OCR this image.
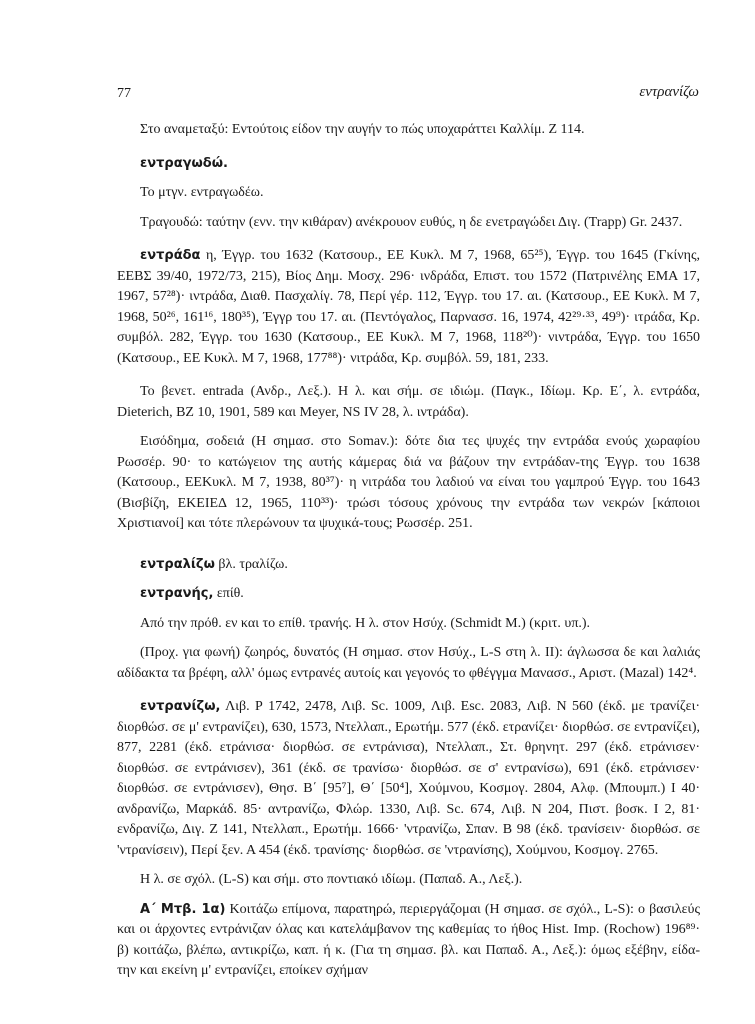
77	εντρανίζω

Στο αναμεταξύ: Εντούτοις είδον την αυγήν το πώς υποχαράττει Καλλίμ. Ζ 114.

εντραγωδώ.

Το μτγν. εντραγωδέω.

Τραγουδώ: ταύτην (ενν. την κιθάραν) ανέκρουον ευθύς, η δε ενετραγώδει Διγ. (Trapp) Gr. 2437.

εντράδα η, Έγγρ. του 1632 (Κατσουρ., ΕΕ Κυκλ. Μ 7, 1968, 65²⁵), Έγγρ. του 1645 (Γκίνης, ΕΕΒΣ 39/40, 1972/73, 215), Βίος Δημ. Μοσχ. 296· ινδράδα, Επιστ. του 1572 (Πατρινέλης ΕΜΑ 17, 1967, 57²⁸)· ιντράδα, Διαθ. Πασχαλίγ. 78, Περί γέρ. 112, Έγγρ. του 17. αι. (Κατσουρ., ΕΕ Κυκλ. Μ 7, 1968, 50²⁶, 161¹⁶, 180³⁵), Έγγρ του 17. αι. (Πεντόγαλος, Παρνασσ. 16, 1974, 42²⁹·³³, 49⁹)· ιτράδα, Κρ. συμβόλ. 282, Έγγρ. του 1630 (Κατσουρ., ΕΕ Κυκλ. Μ 7, 1968, 118²⁰)· νιντράδα, Έγγρ. του 1650 (Κατσουρ., ΕΕ Κυκλ. Μ 7, 1968, 177⁸⁸)· νιτράδα, Κρ. συμβόλ. 59, 181, 233.

Το βενετ. entrada (Ανδρ., Λεξ.). Η λ. και σήμ. σε ιδιώμ. (Παγκ., Ιδίωμ. Κρ. Ε΄, λ. εντράδα, Dieterich, BZ 10, 1901, 589 και Meyer, NS IV 28, λ. ιντράδα).

Εισόδημα, σοδειά (Η σημασ. στο Somav.): δότε δια τες ψυχές την εντράδα ενούς χωραφίου Ρωσσέρ. 90· το κατώγειον της αυτής κάμερας διά να βάζουν την εντράδαν-της Έγγρ. του 1638 (Κατσουρ., ΕΕΚυκλ. Μ 7, 1938, 80³⁷)· η νιτράδα του λαδιού να είναι του γαμπρού Έγγρ. του 1643 (Βισβίζη, ΕΚΕΙΕΔ 12, 1965, 110³³)· τρώσι τόσους χρόνους την εντράδα των νεκρών [κάποιοι Χριστιανοί] και τότε πλερώνουν τα ψυχικά-τους; Ρωσσέρ. 251.

εντραλίζω βλ. τραλίζω.

εντρανής, επίθ.

Από την πρόθ. εν και το επίθ. τρανής. Η λ. στον Ησύχ. (Schmidt M.) (κριτ. υπ.).

(Προχ. για φωνή) ζωηρός, δυνατός (Η σημασ. στον Ησύχ., L-S στη λ. II): άγλωσσα δε και λαλιάς αδίδακτα τα βρέφη, αλλ' όμως εντρανές αυτοίς και γεγονός το φθέγγμα Μανασσ., Αριστ. (Mazal) 142⁴.

εντρανίζω, Λιβ. Ρ 1742, 2478, Λιβ. Sc. 1009, Λιβ. Esc. 2083, Λιβ. Ν 560 (έκδ. με τρανίζει· διορθώσ. σε μ' εντρανίζει), 630, 1573, Ντελλαπ., Ερωτήμ. 577 (έκδ. ετρανίζει· διορθώσ. σε εντρανίζει), 877, 2281 (έκδ. ετράνισα· διορθώσ. σε εντράνισα), Ντελλαπ., Στ. θρηνητ. 297 (έκδ. ετράνισεν· διορθώσ. σε εντράνισεν), 361 (έκδ. σε τρανίσω· διορθώσ. σε σ' εντρανίσω), 691 (έκδ. ετράνισεν· διορθώσ. σε εντράνισεν), Θησ. Β΄ [95⁷], Θ΄ [50⁴], Χούμνου, Κοσμογ. 2804, Αλφ. (Μπουμπ.) Ι 40· ανδρανίζω, Μαρκάδ. 85· αντρανίζω, Φλώρ. 1330, Λιβ. Sc. 674, Λιβ. Ν 204, Πιστ. βοσκ. Ι 2, 81· ενδρανίζω, Διγ. Ζ 141, Ντελλαπ., Ερωτήμ. 1666· 'ντρανίζω, Σπαν. Β 98 (έκδ. τρανίσειν· διορθώσ. σε 'ντρανίσειν), Περί ξεν. Α 454 (έκδ. τρανίσης· διορθώσ. σε 'ντρανίσης), Χούμνου, Κοσμογ. 2765.

Η λ. σε σχόλ. (L-S) και σήμ. στο ποντιακό ιδίωμ. (Παπαδ. Α., Λεξ.).

Α΄ Μτβ. 1α) Κοιτάζω επίμονα, παρατηρώ, περιεργάζομαι (Η σημασ. σε σχόλ., L-S): ο βασιλεύς και οι άρχοντες εντράνιζαν όλας και κατελάμβανον της καθεμίας το ήθος Hist. Imp. (Rochow) 196⁸⁹· β) κοιτάζω, βλέπω, αντικρίζω, καπ. ή κ. (Για τη σημασ. βλ. και Παπαδ. Α., Λεξ.): όμως εξέβην, είδα-την και εκείνη μ' εντρανίζει, εποίκεν σχήμαν
